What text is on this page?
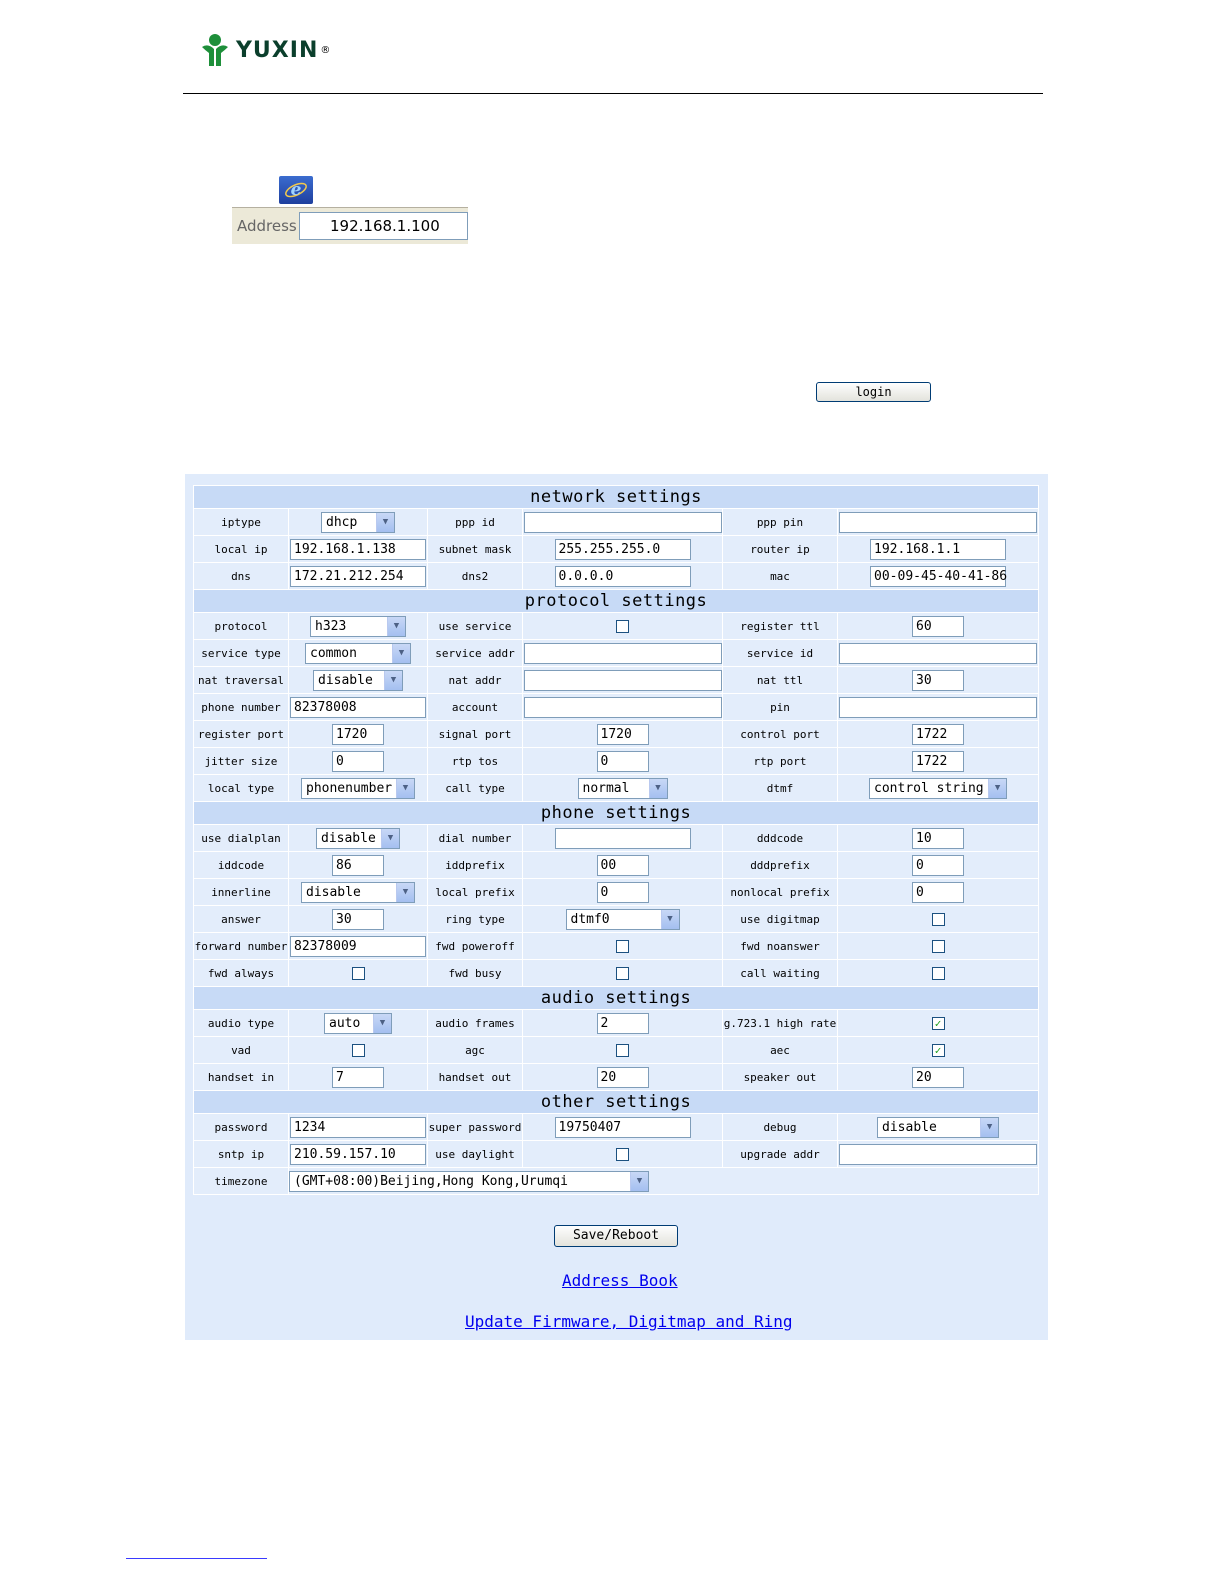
YUXIN ®
e
Address	192.168.1.100
login
network settings					
iptype	dhcp ▼	ppp id		ppp pin	
local ip	192.168.1.138	subnet mask	255.255.255.0	router ip	192.168.1.1
dns	172.21.212.254	dns2	0.0.0.0	mac	00-09-45-40-41-86
protocol settings					
protocol	h323 ▼	use service		register ttl	60
service type	common ▼	service addr		service id	
nat traversal	disable ▼	nat addr		nat ttl	30
phone number	82378008	account		pin	
register port	1720	signal port	1720	control port	1722
jitter size	0	rtp tos	0	rtp port	1722
local type	phonenumber ▼	call type	normal ▼	dtmf	control string ▼

phone settings					
use dialplan	disable ▼	dial number		dddcode	10
iddcode	86	iddprefix	00	dddprefix	0
innerline	disable ▼	local prefix	0	nonlocal prefix	0
answer	30	ring type	dtmf0 ▼	use digitmap	
forward number	82378009	fwd poweroff		fwd noanswer	
fwd always		fwd busy		call waiting	
audio settings					
audio type	auto ▼	audio frames	2	g.723.1 high rate	✓
vad		agc		aec	✓
handset in	7	handset out	20	speaker out	20
other settings					
password	1234	super password	19750407	debug	disable ▼

sntp ip	210.59.157.10	use daylight		upgrade addr	
timezone	(GMT+08:00)Beijing,Hong Kong,Urumqi ▼				
Save/Reboot
Address Book
Update Firmware, Digitmap and Ring
